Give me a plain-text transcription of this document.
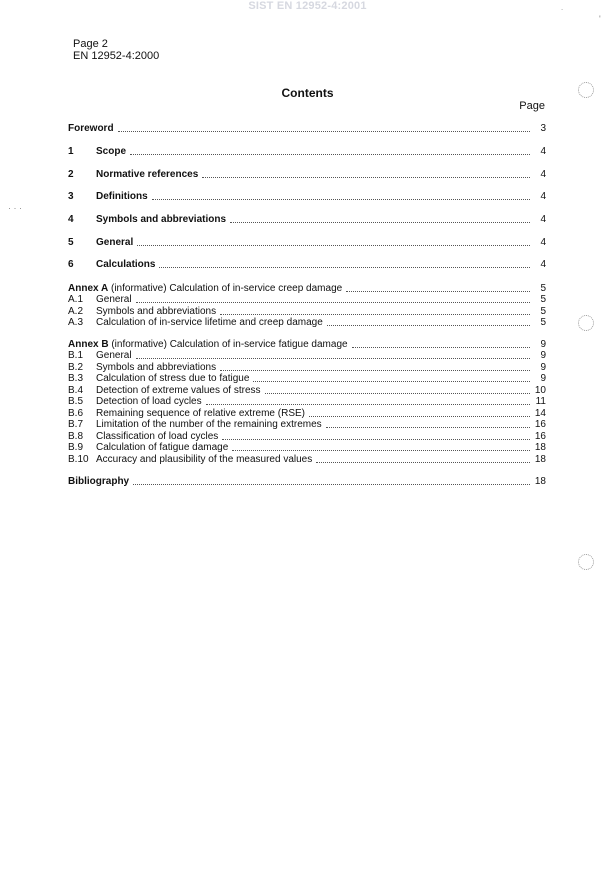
SIST EN 12952-4:2001
Page 2
EN 12952-4:2000
Contents
Page
Foreword	3
1	Scope	4
2	Normative references	4
3	Definitions	4
4	Symbols and abbreviations	4
5	General	4
6	Calculations	4
Annex A (informative) Calculation of in-service creep damage	5
A.1	General	5
A.2	Symbols and abbreviations	5
A.3	Calculation of in-service lifetime and creep damage	5
Annex B (informative) Calculation of in-service fatigue damage	9
B.1	General	9
B.2	Symbols and abbreviations	9
B.3	Calculation of stress due to fatigue	9
B.4	Detection of extreme values of stress	10
B.5	Detection of load cycles	11
B.6	Remaining sequence of relative extreme (RSE)	14
B.7	Limitation of the number of the remaining extremes	16
B.8	Classification of load cycles	16
B.9	Calculation of fatigue damage	18
B.10 Accuracy and plausibility of the measured values	18
Bibliography	18
˙
'
· · ·
